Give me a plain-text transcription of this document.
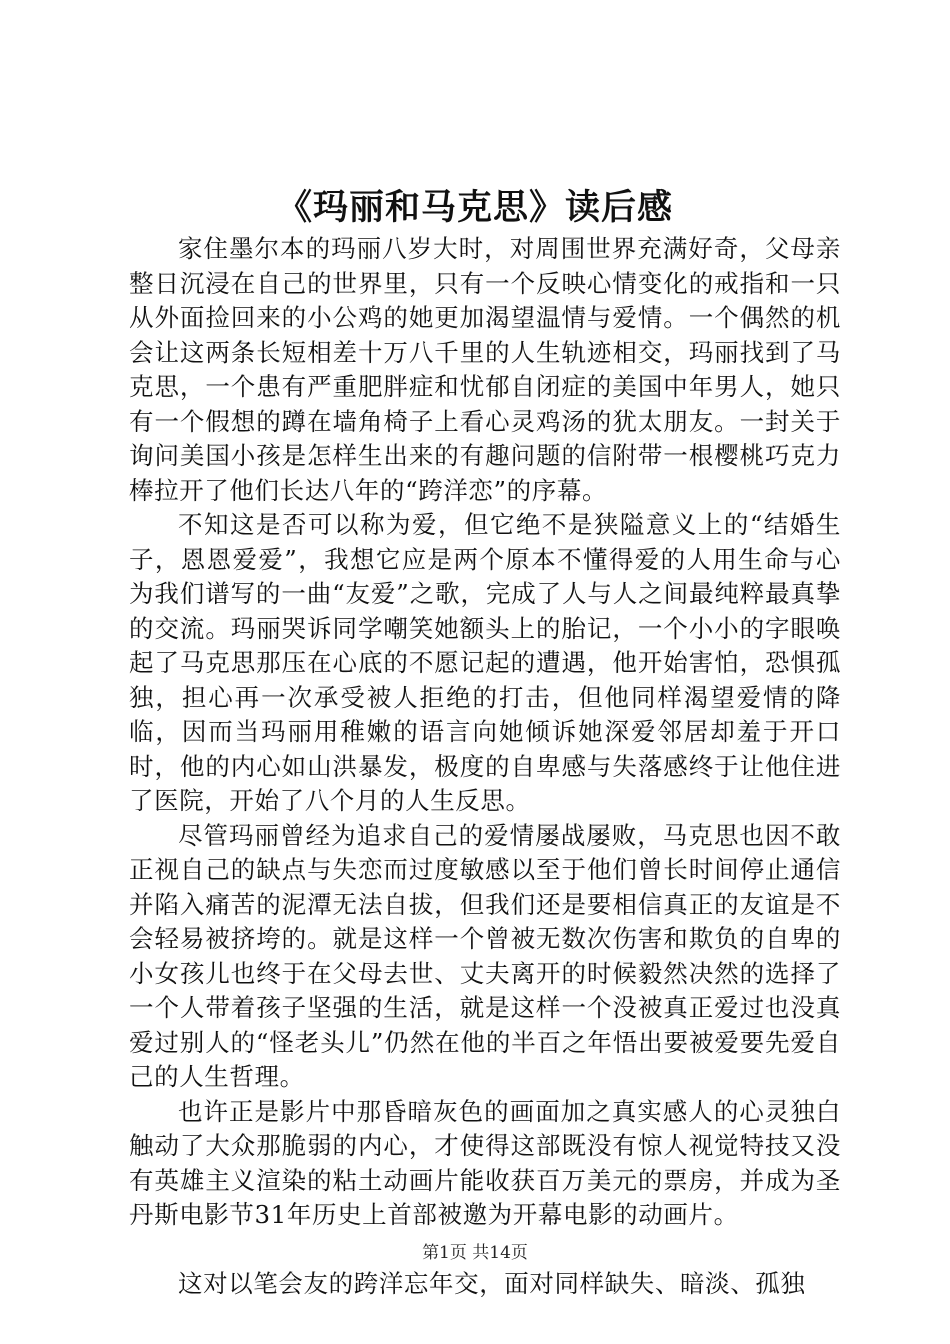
《玛丽和马克思》读后感

家住墨尔本的玛丽八岁大时，对周围世界充满好奇，父母亲整日沉浸在自己的世界里，只有一个反映心情变化的戒指和一只从外面捡回来的小公鸡的她更加渴望温情与爱情。一个偶然的机会让这两条长短相差十万八千里的人生轨迹相交，玛丽找到了马克思，一个患有严重肥胖症和忧郁自闭症的美国中年男人，她只有一个假想的蹲在墙角椅子上看心灵鸡汤的犹太朋友。一封关于询问美国小孩是怎样生出来的有趣问题的信附带一根樱桃巧克力棒拉开了他们长达八年的“跨洋恋”的序幕。

不知这是否可以称为爱，但它绝不是狭隘意义上的“结婚生子，恩恩爱爱”，我想它应是两个原本不懂得爱的人用生命与心为我们谱写的一曲“友爱”之歌，完成了人与人之间最纯粹最真挚的交流。玛丽哭诉同学嘲笑她额头上的胎记，一个小小的字眼唤起了马克思那压在心底的不愿记起的遭遇，他开始害怕，恐惧孤独，担心再一次承受被人拒绝的打击，但他同样渴望爱情的降临，因而当玛丽用稚嫩的语言向她倾诉她深爱邻居却羞于开口时，他的内心如山洪暴发，极度的自卑感与失落感终于让他住进了医院，开始了八个月的人生反思。

尽管玛丽曾经为追求自己的爱情屡战屡败，马克思也因不敢正视自己的缺点与失恋而过度敏感以至于他们曾长时间停止通信并陷入痛苦的泥潭无法自拔，但我们还是要相信真正的友谊是不会轻易被挤垮的。就是这样一个曾被无数次伤害和欺负的自卑的小女孩儿也终于在父母去世、丈夫离开的时候毅然决然的选择了一个人带着孩子坚强的生活，就是这样一个没被真正爱过也没真爱过别人的“怪老头儿”仍然在他的半百之年悟出要被爱要先爱自己的人生哲理。

也许正是影片中那昏暗灰色的画面加之真实感人的心灵独白触动了大众那脆弱的内心，才使得这部既没有惊人视觉特技又没有英雄主义渲染的粘土动画片能收获百万美元的票房，并成为圣丹斯电影节31年历史上首部被邀为开幕电影的动画片。

这对以笔会友的跨洋忘年交，面对同样缺失、暗淡、孤独

第1页 共14页
